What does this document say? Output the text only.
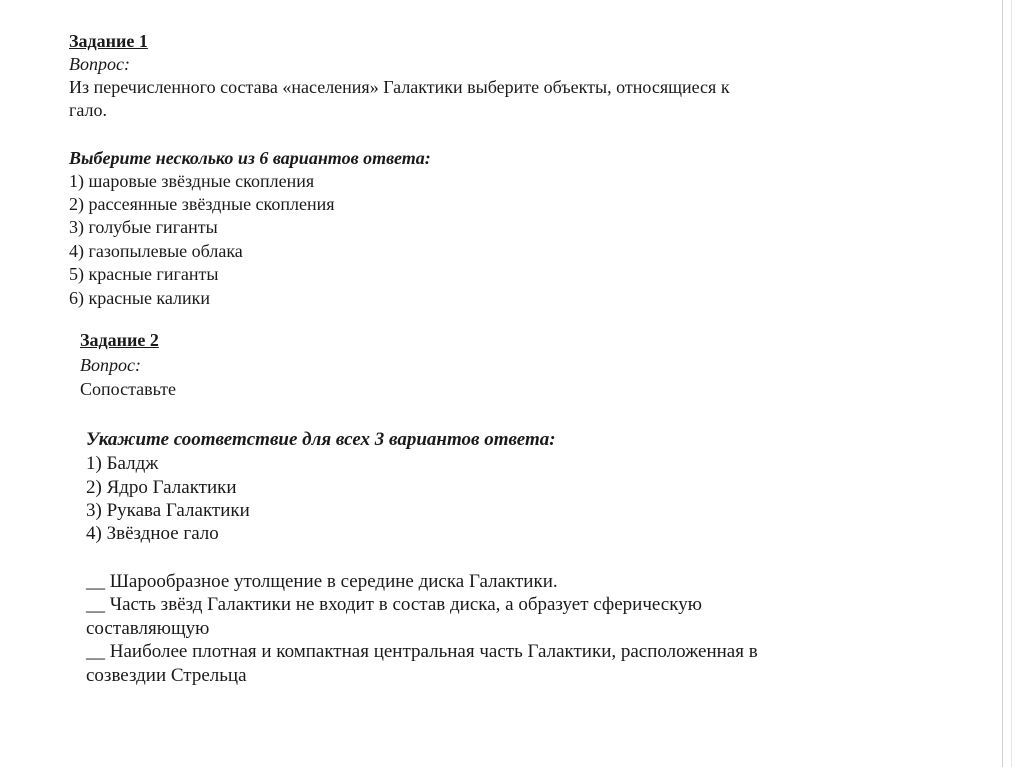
Задание 1
Вопрос:
Из перечисленного состава «населения» Галактики выберите объекты, относящиеся к
гало.
Выберите несколько из 6 вариантов ответа:
1) шаровые звёздные скопления
2) рассеянные звёздные скопления
3) голубые гиганты
4) газопылевые облака
5) красные гиганты
6) красные калики
Задание 2
Вопрос:
Сопоставьте
Укажите соответствие для всех 3 вариантов ответа:
1) Балдж
2) Ядро Галактики
3) Рукава Галактики
4) Звёздное гало
__ Шарообразное утолщение в середине диска Галактики.
__ Часть звёзд Галактики не входит в состав диска, а образует сферическую
составляющую
__ Наиболее плотная и компактная центральная часть Галактики, расположенная в
созвездии Стрельца
